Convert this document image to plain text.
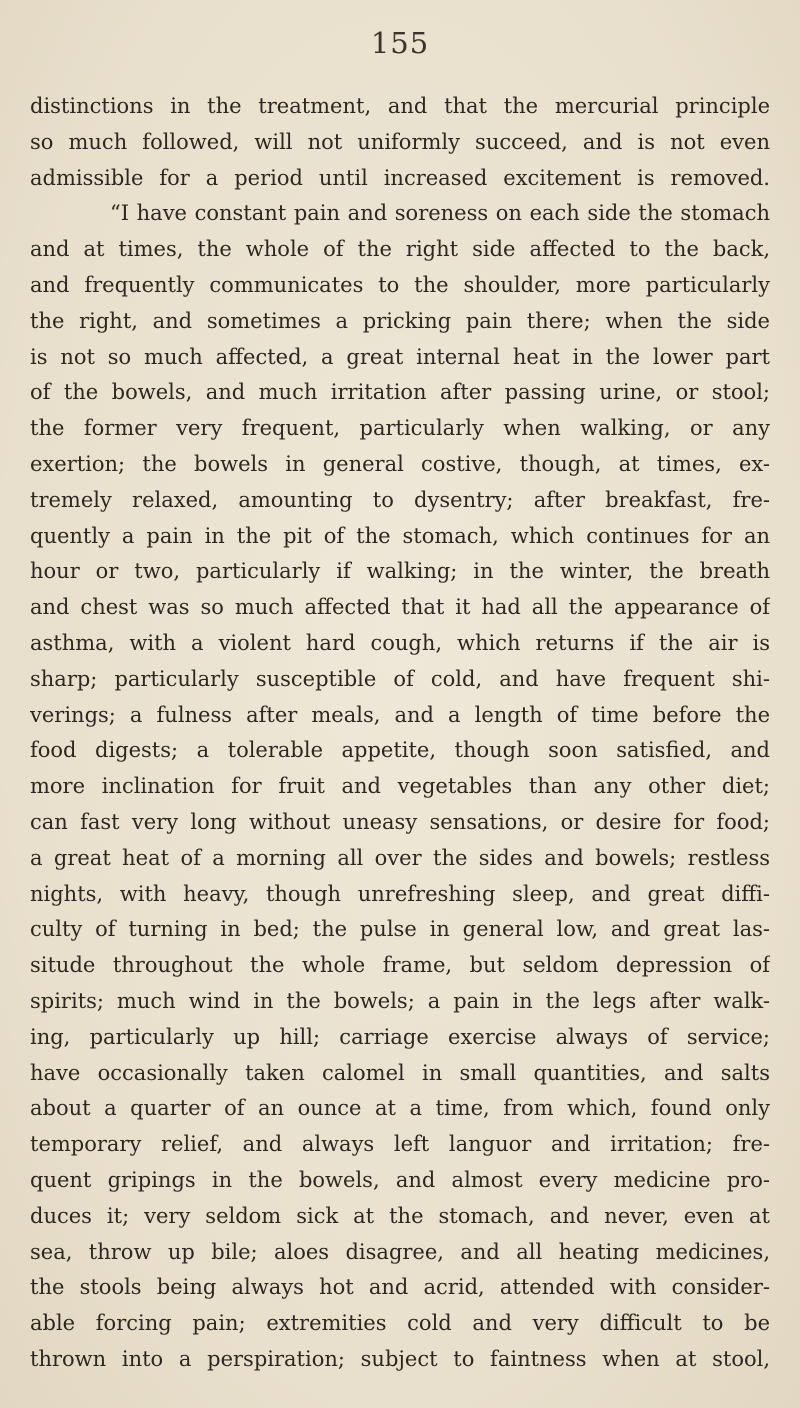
155
distinctions in the treatment, and that the mercurial principle
so much followed, will not uniformly succeed, and is not even
admissible for a period until increased excitement is removed.
“I have constant pain and soreness on each side the stomach
and at times, the whole of the right side affected to the back,
and frequently communicates to the shoulder, more particularly
the right, and sometimes a pricking pain there; when the side
is not so much affected, a great internal heat in the lower part
of the bowels, and much irritation after passing urine, or stool;
the former very frequent, particularly when walking, or any
exertion; the bowels in general costive, though, at times, ex-
tremely relaxed, amounting to dysentry; after breakfast, fre-
quently a pain in the pit of the stomach, which continues for an
hour or two, particularly if walking; in the winter, the breath
and chest was so much affected that it had all the appearance of
asthma, with a violent hard cough, which returns if the air is
sharp; particularly susceptible of cold, and have frequent shi-
verings; a fulness after meals, and a length of time before the
food digests; a tolerable appetite, though soon satisfied, and
more inclination for fruit and vegetables than any other diet;
can fast very long without uneasy sensations, or desire for food;
a great heat of a morning all over the sides and bowels; restless
nights, with heavy, though unrefreshing sleep, and great diffi-
culty of turning in bed; the pulse in general low, and great las-
situde throughout the whole frame, but seldom depression of
spirits; much wind in the bowels; a pain in the legs after walk-
ing, particularly up hill; carriage exercise always of service;
have occasionally taken calomel in small quantities, and salts
about a quarter of an ounce at a time, from which, found only
temporary relief, and always left languor and irritation; fre-
quent gripings in the bowels, and almost every medicine pro-
duces it; very seldom sick at the stomach, and never, even at
sea, throw up bile; aloes disagree, and all heating medicines,
the stools being always hot and acrid, attended with consider-
able forcing pain; extremities cold and very difficult to be
thrown into a perspiration; subject to faintness when at stool,
